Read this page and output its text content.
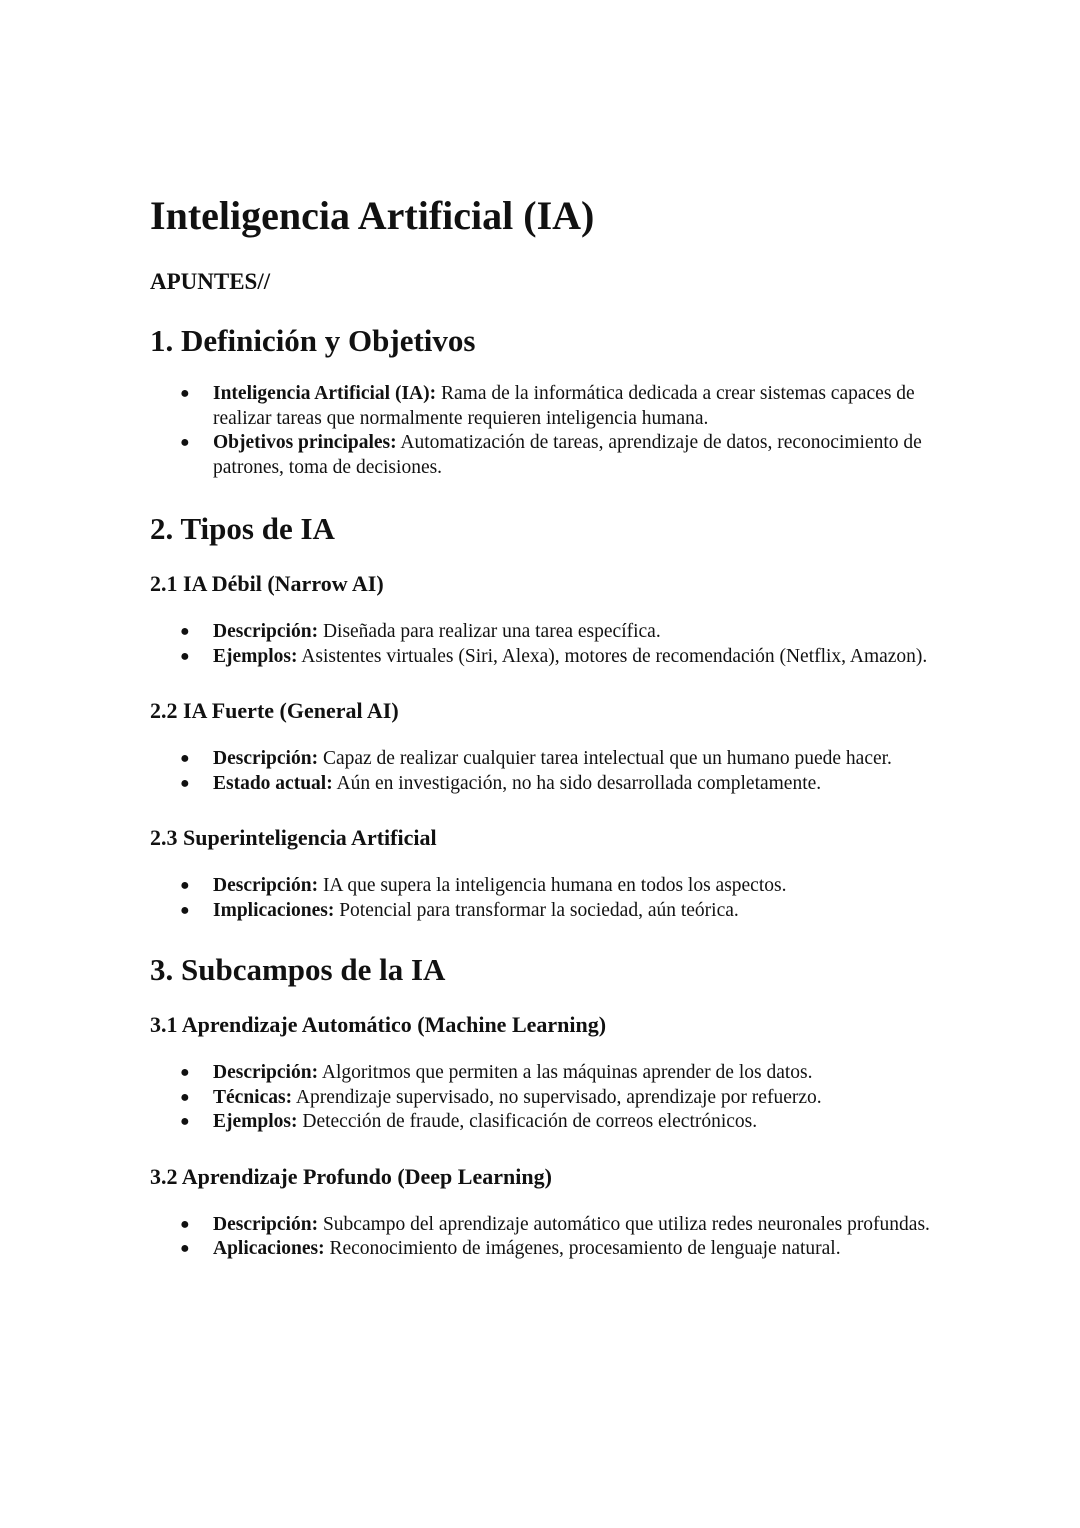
Inteligencia Artificial (IA)
APUNTES//
1. Definición y Objetivos
● Inteligencia Artificial (IA): Rama de la informática dedicada a crear sistemas capaces de realizar tareas que normalmente requieren inteligencia humana.
● Objetivos principales: Automatización de tareas, aprendizaje de datos, reconocimiento de patrones, toma de decisiones.
2. Tipos de IA
2.1 IA Débil (Narrow AI)
● Descripción: Diseñada para realizar una tarea específica.
● Ejemplos: Asistentes virtuales (Siri, Alexa), motores de recomendación (Netflix, Amazon).
2.2 IA Fuerte (General AI)
● Descripción: Capaz de realizar cualquier tarea intelectual que un humano puede hacer.
● Estado actual: Aún en investigación, no ha sido desarrollada completamente.
2.3 Superinteligencia Artificial
● Descripción: IA que supera la inteligencia humana en todos los aspectos.
● Implicaciones: Potencial para transformar la sociedad, aún teórica.
3. Subcampos de la IA
3.1 Aprendizaje Automático (Machine Learning)
● Descripción: Algoritmos que permiten a las máquinas aprender de los datos.
● Técnicas: Aprendizaje supervisado, no supervisado, aprendizaje por refuerzo.
● Ejemplos: Detección de fraude, clasificación de correos electrónicos.
3.2 Aprendizaje Profundo (Deep Learning)
● Descripción: Subcampo del aprendizaje automático que utiliza redes neuronales profundas.
● Aplicaciones: Reconocimiento de imágenes, procesamiento de lenguaje natural.
